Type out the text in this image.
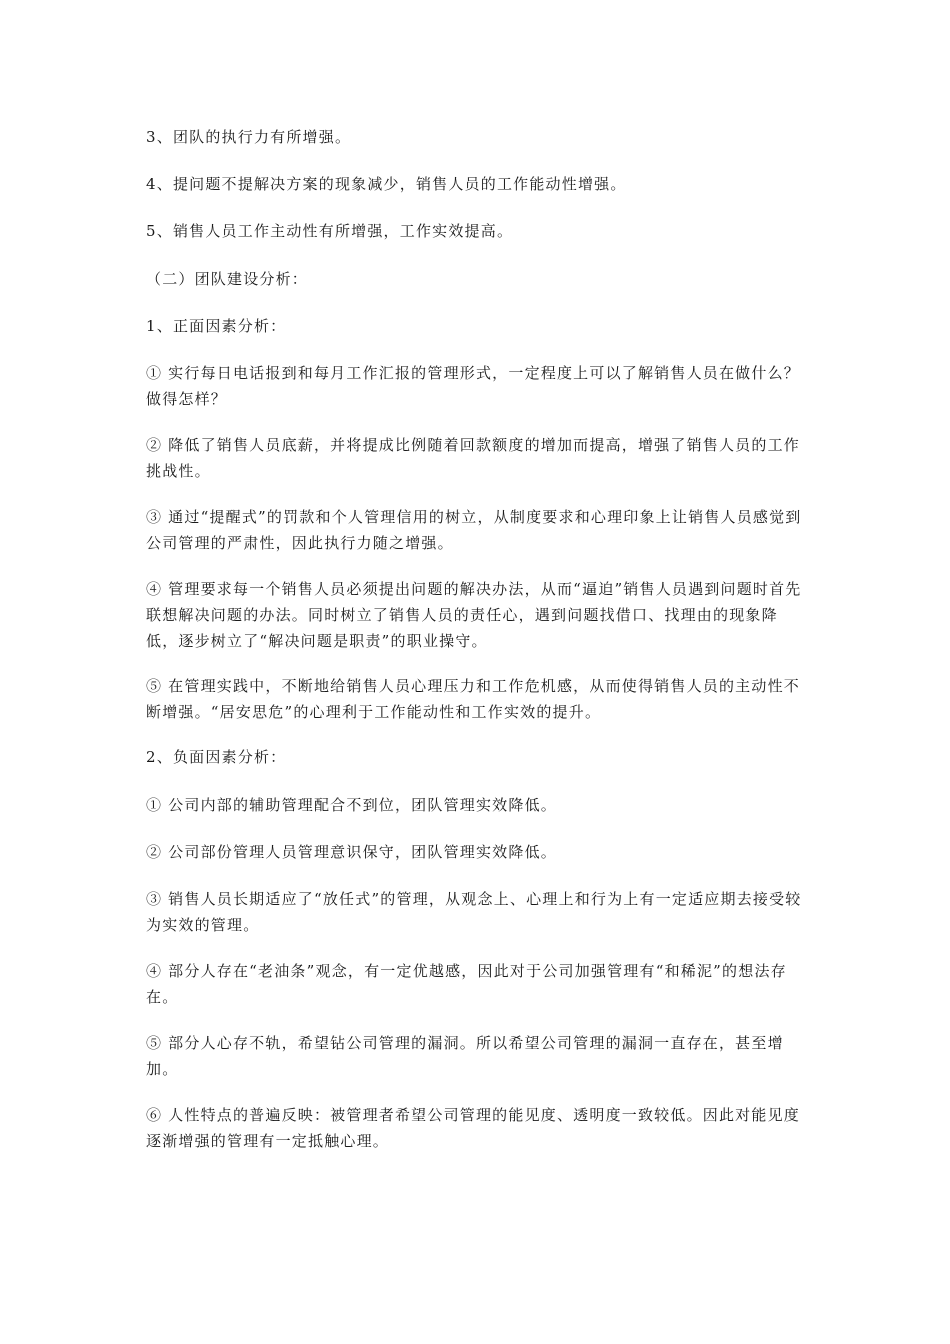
3、团队的执行力有所增强。

4、提问题不提解决方案的现象减少，销售人员的工作能动性增强。

5、销售人员工作主动性有所增强，工作实效提高。

（二）团队建设分析：

1、正面因素分析：

① 实行每日电话报到和每月工作汇报的管理形式，一定程度上可以了解销售人员在做什么？做得怎样？

② 降低了销售人员底薪，并将提成比例随着回款额度的增加而提高，增强了销售人员的工作挑战性。

③ 通过“提醒式”的罚款和个人管理信用的树立，从制度要求和心理印象上让销售人员感觉到公司管理的严肃性，因此执行力随之增强。

④ 管理要求每一个销售人员必须提出问题的解决办法，从而“逼迫”销售人员遇到问题时首先联想解决问题的办法。同时树立了销售人员的责任心，遇到问题找借口、找理由的现象降低，逐步树立了“解决问题是职责”的职业操守。

⑤ 在管理实践中，不断地给销售人员心理压力和工作危机感，从而使得销售人员的主动性不断增强。“居安思危”的心理利于工作能动性和工作实效的提升。

2、负面因素分析：

① 公司内部的辅助管理配合不到位，团队管理实效降低。

② 公司部份管理人员管理意识保守，团队管理实效降低。

③ 销售人员长期适应了“放任式”的管理，从观念上、心理上和行为上有一定适应期去接受较为实效的管理。

④ 部分人存在“老油条”观念，有一定优越感，因此对于公司加强管理有“和稀泥”的想法存在。

⑤ 部分人心存不轨，希望钻公司管理的漏洞。所以希望公司管理的漏洞一直存在，甚至增加。

⑥ 人性特点的普遍反映：被管理者希望公司管理的能见度、透明度一致较低。因此对能见度逐渐增强的管理有一定抵触心理。
